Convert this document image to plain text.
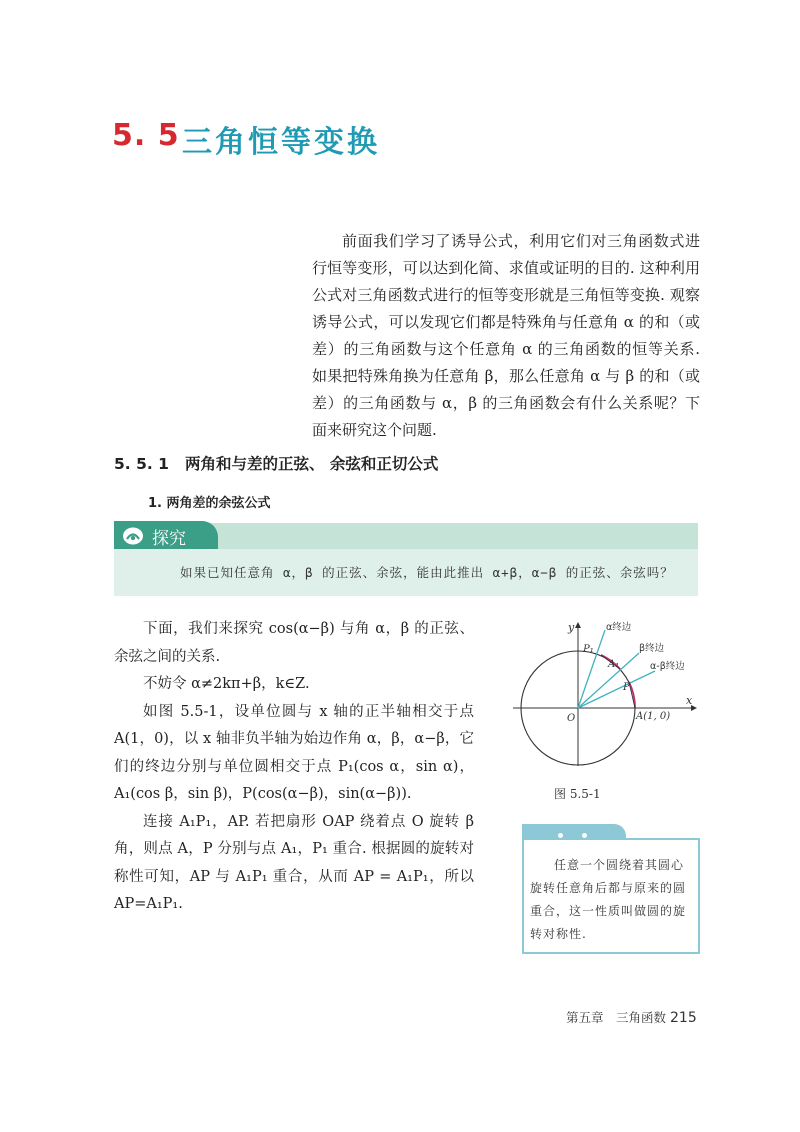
5. 5 三角恒等变换

前面我们学习了诱导公式，利用它们对三角函数式进行恒等变形，可以达到化简、求值或证明的目的. 这种利用公式对三角函数式进行的恒等变形就是三角恒等变换. 观察诱导公式，可以发现它们都是特殊角与任意角 α 的和（或差）的三角函数与这个任意角 α 的三角函数的恒等关系. 如果把特殊角换为任意角 β，那么任意角 α 与 β 的和（或差）的三角函数与 α，β 的三角函数会有什么关系呢？下面来研究这个问题.

5. 5. 1 两角和与差的正弦、 余弦和正切公式
1. 两角差的余弦公式
探究
如果已知任意角 α，β 的正弦、余弦，能由此推出 α+β，α−β 的正弦、余弦吗？

下面，我们来探究 cos(α−β) 与角 α，β 的正弦、余弦之间的关系.

不妨令 α≠2kπ+β，k∈Z.

如图 5.5-1，设单位圆与 x 轴的正半轴相交于点 A(1，0)，以 x 轴非负半轴为始边作角 α，β，α−β，它们的终边分别与单位圆相交于点 P₁(cos α，sin α)，A₁(cos β，sin β)，P(cos(α−β)，sin(α−β)).

连接 A₁P₁，AP. 若把扇形 OAP 绕着点 O 旋转 β 角，则点 A，P 分别与点 A₁，P₁ 重合. 根据圆的旋转对称性可知，AP 与 A₁P₁ 重合，从而 AP = A₁P₁，所以 AP=A₁P₁.

y
x
O	A(1, 0)
P
P₁
A₁
α终边
β终边
α-β终边
图 5.5-1

任意一个圆绕着其圆心旋转任意角后都与原来的圆重合，这一性质叫做圆的旋转对称性.

第五章　三角函数 215
